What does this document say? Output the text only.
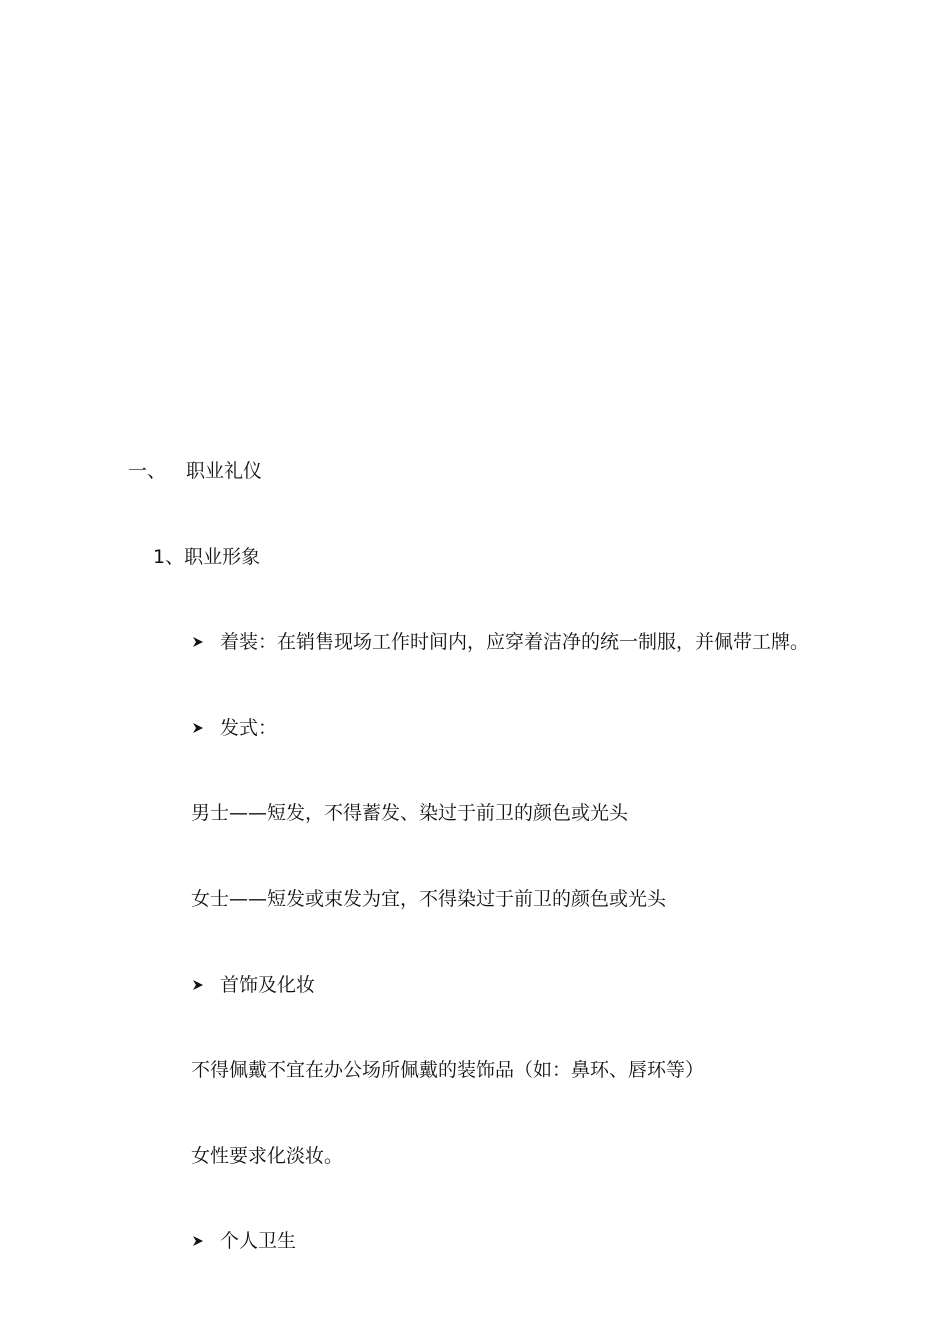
一、 职业礼仪
1、职业形象
着装：在销售现场工作时间内，应穿着洁净的统一制服，并佩带工牌。
发式：
男士——短发，不得蓄发、染过于前卫的颜色或光头
女士——短发或束发为宜，不得染过于前卫的颜色或光头
首饰及化妆
不得佩戴不宜在办公场所佩戴的装饰品（如：鼻环、唇环等）
女性要求化淡妆。
个人卫生
